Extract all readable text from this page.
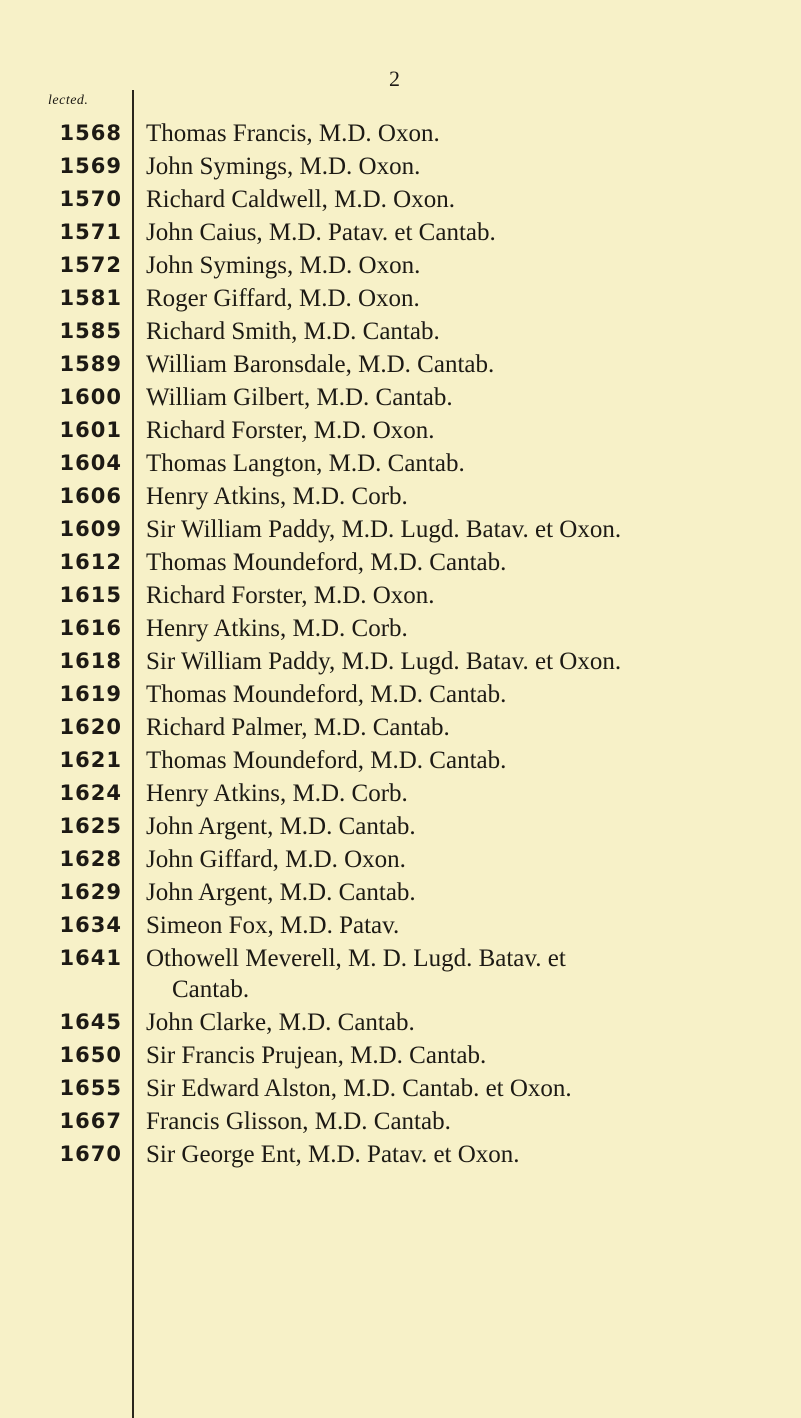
2
lected.
1568 Thomas Francis, M.D. Oxon.
1569 John Symings, M.D. Oxon.
1570 Richard Caldwell, M.D. Oxon.
1571 John Caius, M.D. Patav. et Cantab.
1572 John Symings, M.D. Oxon.
1581 Roger Giffard, M.D. Oxon.
1585 Richard Smith, M.D. Cantab.
1589 William Baronsdale, M.D. Cantab.
1600 William Gilbert, M.D. Cantab.
1601 Richard Forster, M.D. Oxon.
1604 Thomas Langton, M.D. Cantab.
1606 Henry Atkins, M.D. Corb.
1609 Sir William Paddy, M.D. Lugd. Batav. et Oxon.
1612 Thomas Moundeford, M.D. Cantab.
1615 Richard Forster, M.D. Oxon.
1616 Henry Atkins, M.D. Corb.
1618 Sir William Paddy, M.D. Lugd. Batav. et Oxon.
1619 Thomas Moundeford, M.D. Cantab.
1620 Richard Palmer, M.D. Cantab.
1621 Thomas Moundeford, M.D. Cantab.
1624 Henry Atkins, M.D. Corb.
1625 John Argent, M.D. Cantab.
1628 John Giffard, M.D. Oxon.
1629 John Argent, M.D. Cantab.
1634 Simeon Fox, M.D. Patav.
1641 Othowell Meverell, M. D. Lugd. Batav. et
Cantab.
1645 John Clarke, M.D. Cantab.
1650 Sir Francis Prujean, M.D. Cantab.
1655 Sir Edward Alston, M.D. Cantab. et Oxon.
1667 Francis Glisson, M.D. Cantab.
1670 Sir George Ent, M.D. Patav. et Oxon.
